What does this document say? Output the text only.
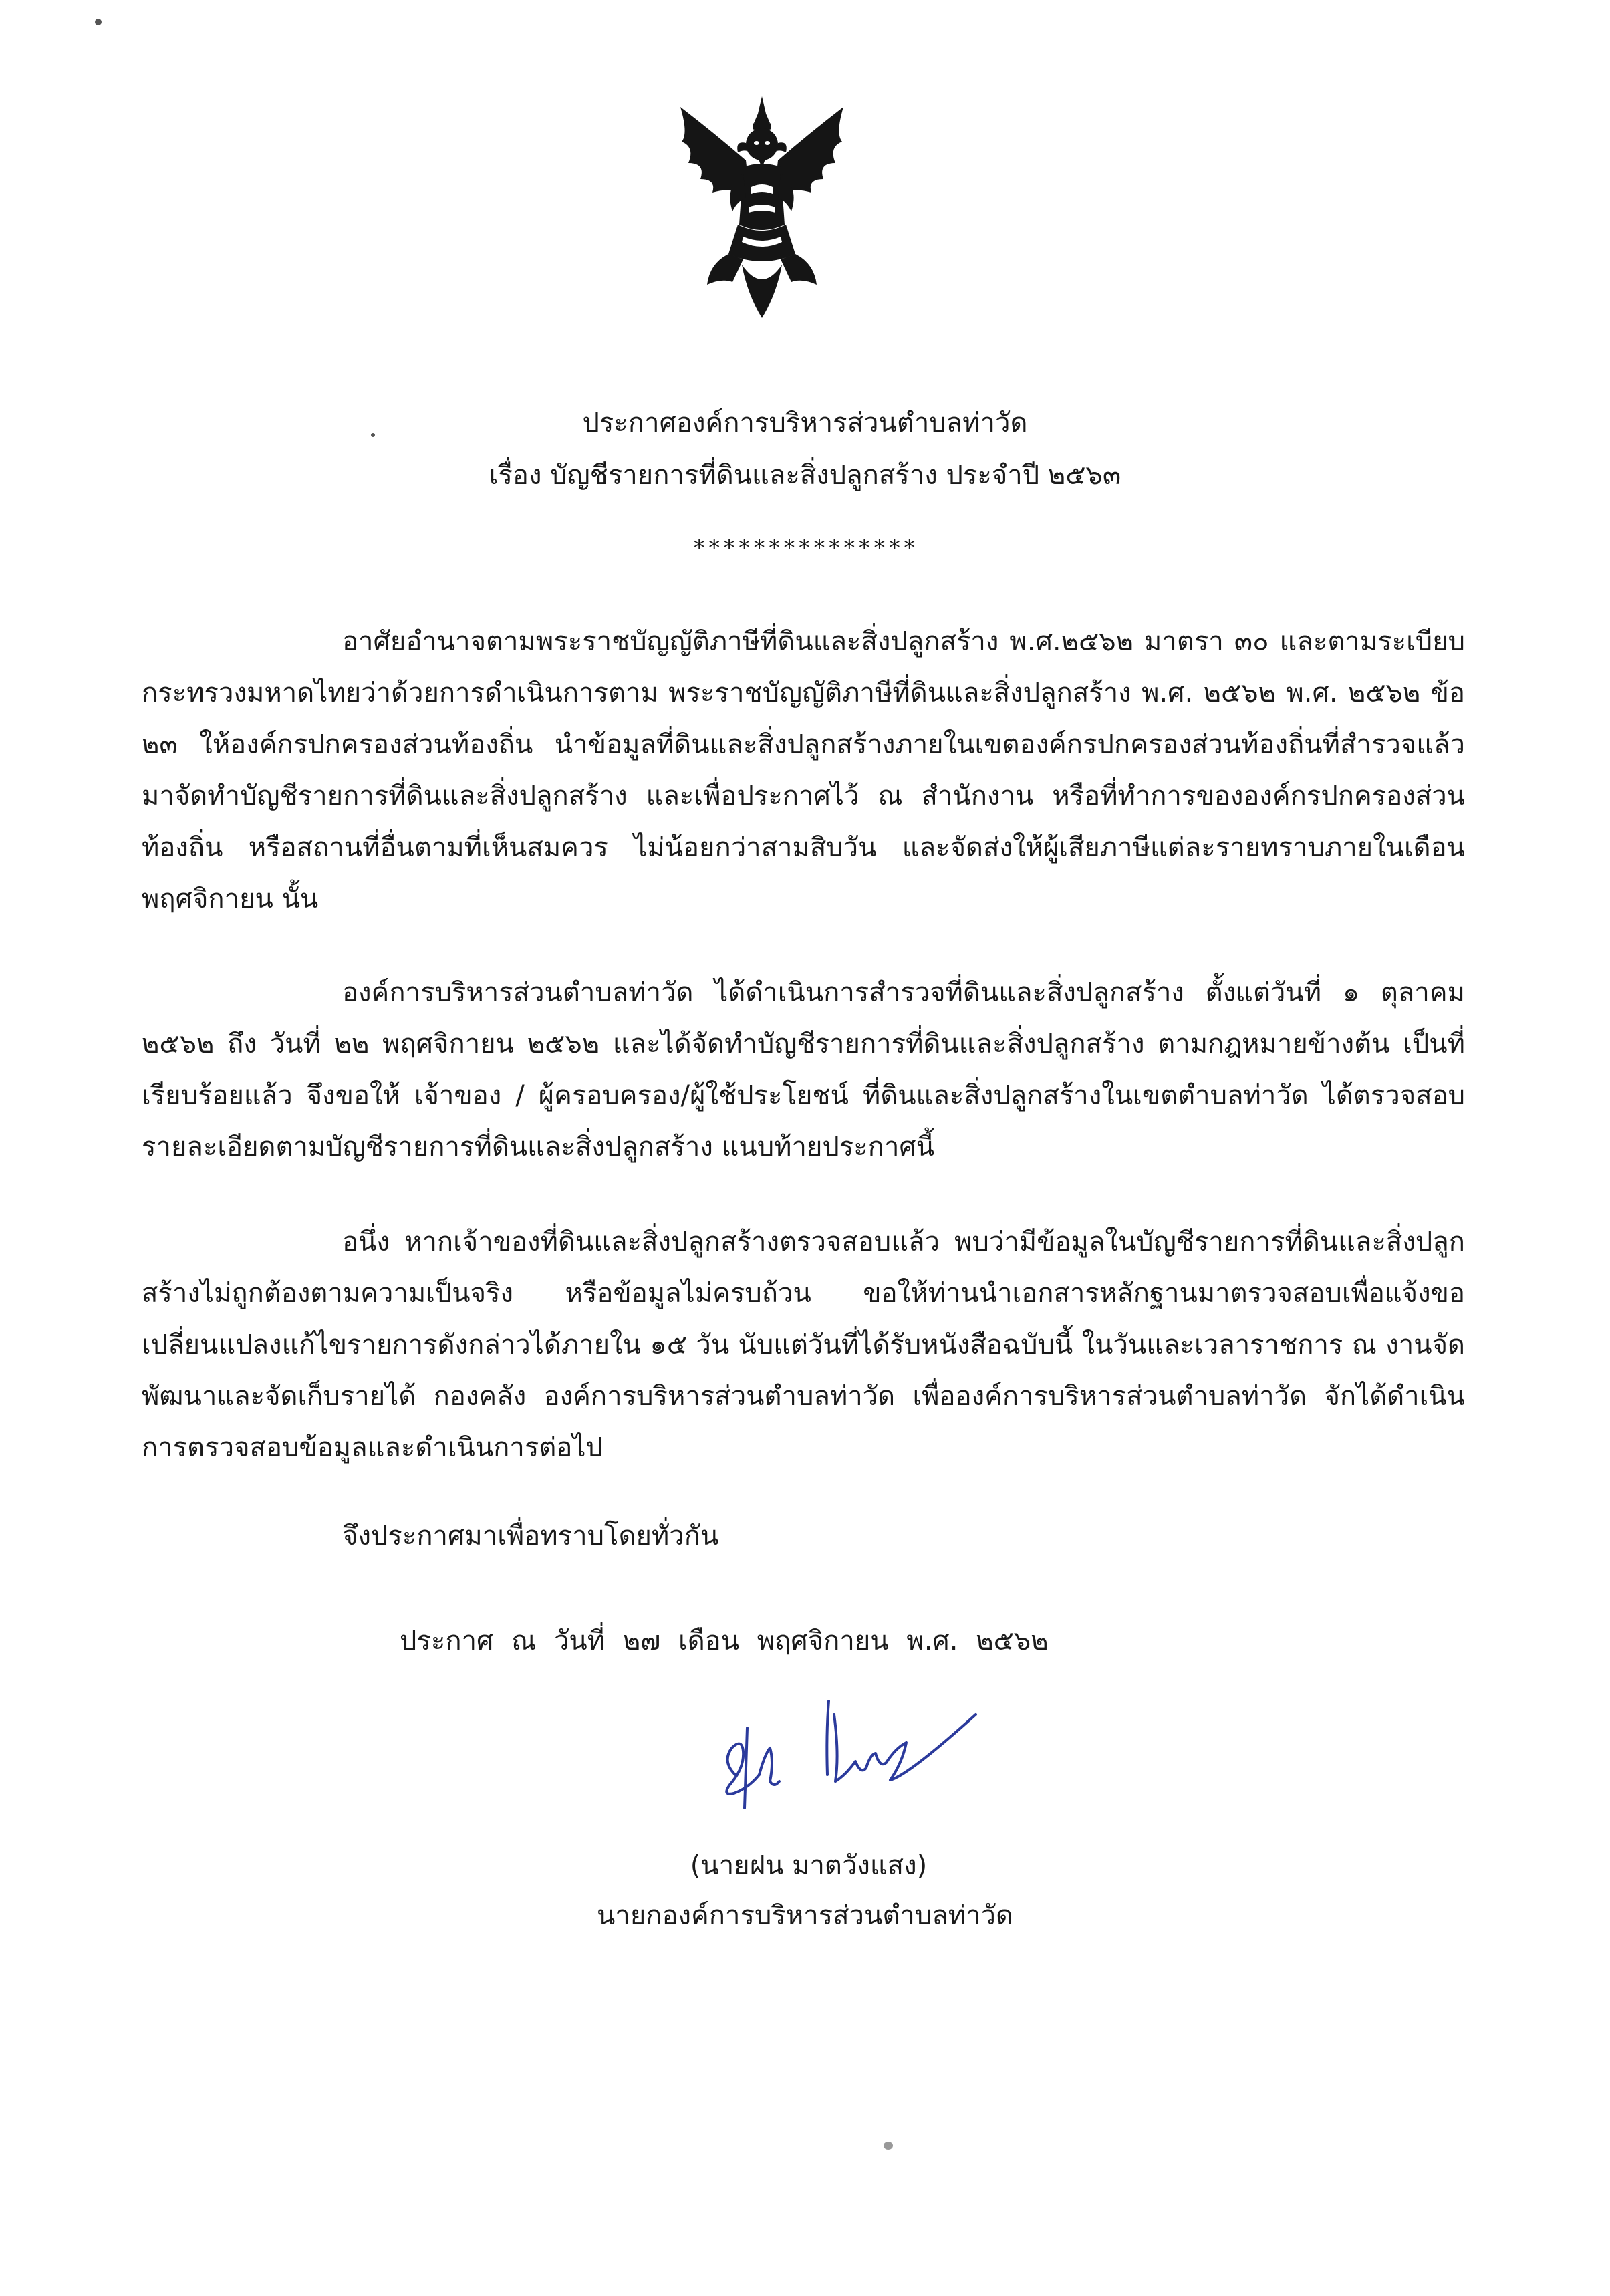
ประกาศองค์การบริหารส่วนตำบลท่าวัด
เรื่อง บัญชีรายการที่ดินและสิ่งปลูกสร้าง ประจำปี ๒๕๖๓
***************

อาศัยอำนาจตามพระราชบัญญัติภาษีที่ดินและสิ่งปลูกสร้าง พ.ศ.๒๕๖๒ มาตรา ๓๐ และตามระเบียบกระทรวงมหาดไทยว่าด้วยการดำเนินการตาม พระราชบัญญัติภาษีที่ดินและสิ่งปลูกสร้าง พ.ศ. ๒๕๖๒ พ.ศ. ๒๕๖๒ ข้อ ๒๓ ให้องค์กรปกครองส่วนท้องถิ่น นำข้อมูลที่ดินและสิ่งปลูกสร้างภายในเขตองค์กรปกครองส่วนท้องถิ่นที่สำรวจแล้ว มาจัดทำบัญชีรายการที่ดินและสิ่งปลูกสร้าง และเพื่อประกาศไว้ ณ สำนักงาน หรือที่ทำการขององค์กรปกครองส่วนท้องถิ่น หรือสถานที่อื่นตามที่เห็นสมควร ไม่น้อยกว่าสามสิบวัน และจัดส่งให้ผู้เสียภาษีแต่ละรายทราบภายในเดือนพฤศจิกายน นั้น

องค์การบริหารส่วนตำบลท่าวัด ได้ดำเนินการสำรวจที่ดินและสิ่งปลูกสร้าง ตั้งแต่วันที่ ๑ ตุลาคม ๒๕๖๒ ถึง วันที่ ๒๒ พฤศจิกายน ๒๕๖๒ และได้จัดทำบัญชีรายการที่ดินและสิ่งปลูกสร้าง ตามกฎหมายข้างต้น เป็นที่เรียบร้อยแล้ว จึงขอให้ เจ้าของ / ผู้ครอบครอง/ผู้ใช้ประโยชน์ ที่ดินและสิ่งปลูกสร้างในเขตตำบลท่าวัด ได้ตรวจสอบรายละเอียดตามบัญชีรายการที่ดินและสิ่งปลูกสร้าง แนบท้ายประกาศนี้

อนึ่ง หากเจ้าของที่ดินและสิ่งปลูกสร้างตรวจสอบแล้ว พบว่ามีข้อมูลในบัญชีรายการที่ดินและสิ่งปลูกสร้างไม่ถูกต้องตามความเป็นจริง หรือข้อมูลไม่ครบถ้วน ขอให้ท่านนำเอกสารหลักฐานมาตรวจสอบเพื่อแจ้งขอเปลี่ยนแปลงแก้ไขรายการดังกล่าวได้ภายใน ๑๕ วัน นับแต่วันที่ได้รับหนังสือฉบับนี้ ในวันและเวลาราชการ ณ งานจัดพัฒนาและจัดเก็บรายได้ กองคลัง องค์การบริหารส่วนตำบลท่าวัด เพื่อองค์การบริหารส่วนตำบลท่าวัด จักได้ดำเนินการตรวจสอบข้อมูลและดำเนินการต่อไป

จึงประกาศมาเพื่อทราบโดยทั่วกัน
ประกาศ ณ วันที่ ๒๗ เดือน พฤศจิกายน พ.ศ. ๒๕๖๒
(นายฝน มาตวังแสง)
นายกองค์การบริหารส่วนตำบลท่าวัด
